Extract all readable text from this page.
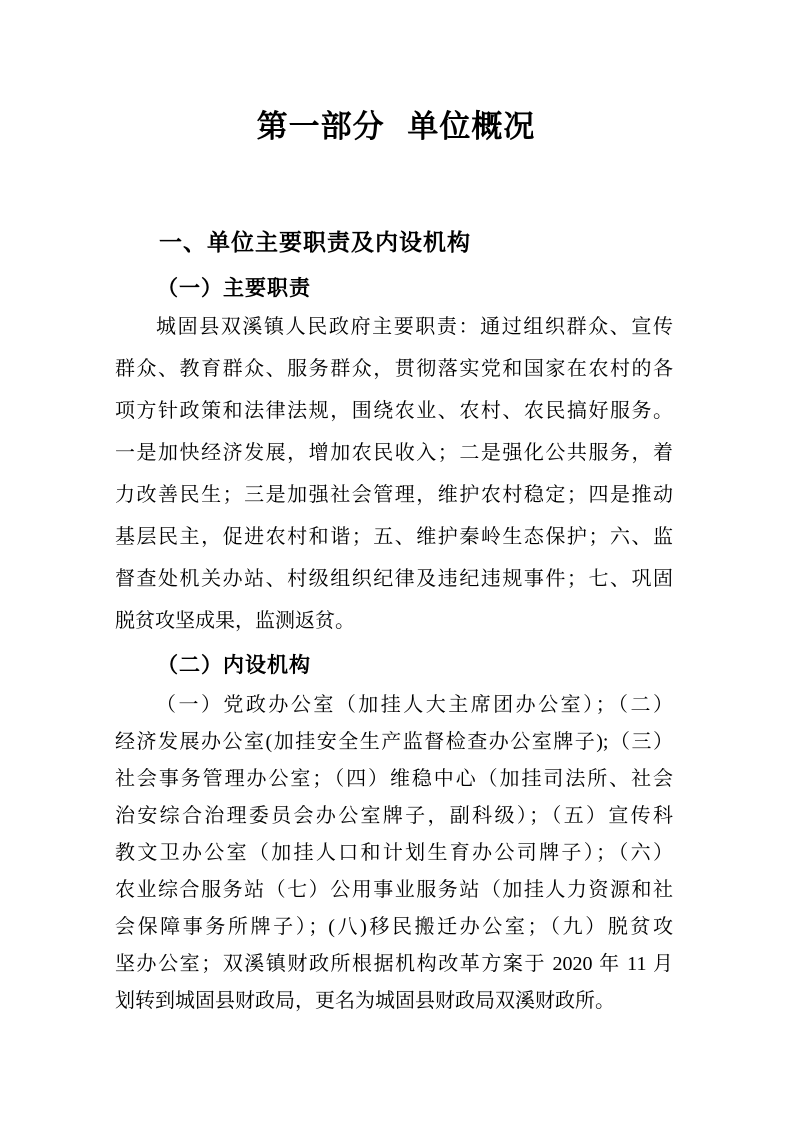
第一部分 单位概况
一、单位主要职责及内设机构
（一）主要职责
城固县双溪镇人民政府主要职责：通过组织群众、宣传
群众、教育群众、服务群众，贯彻落实党和国家在农村的各
项方针政策和法律法规，围绕农业、农村、农民搞好服务。
一是加快经济发展，增加农民收入；二是强化公共服务，着
力改善民生；三是加强社会管理，维护农村稳定；四是推动
基层民主，促进农村和谐；五、维护秦岭生态保护；六、监
督查处机关办站、村级组织纪律及违纪违规事件；七、巩固
脱贫攻坚成果，监测返贫。
（二）内设机构
（一）党政办公室（加挂人大主席团办公室）；（二）
经济发展办公室(加挂安全生产监督检查办公室牌子);（三）
社会事务管理办公室；（四）维稳中心（加挂司法所、社会
治安综合治理委员会办公室牌子，副科级）；（五）宣传科
教文卫办公室（加挂人口和计划生育办公司牌子）；（六）
农业综合服务站（七）公用事业服务站（加挂人力资源和社
会保障事务所牌子）；(八)移民搬迁办公室；（九）脱贫攻
坚办公室；双溪镇财政所根据机构改革方案于 2020 年 11 月
划转到城固县财政局，更名为城固县财政局双溪财政所。
